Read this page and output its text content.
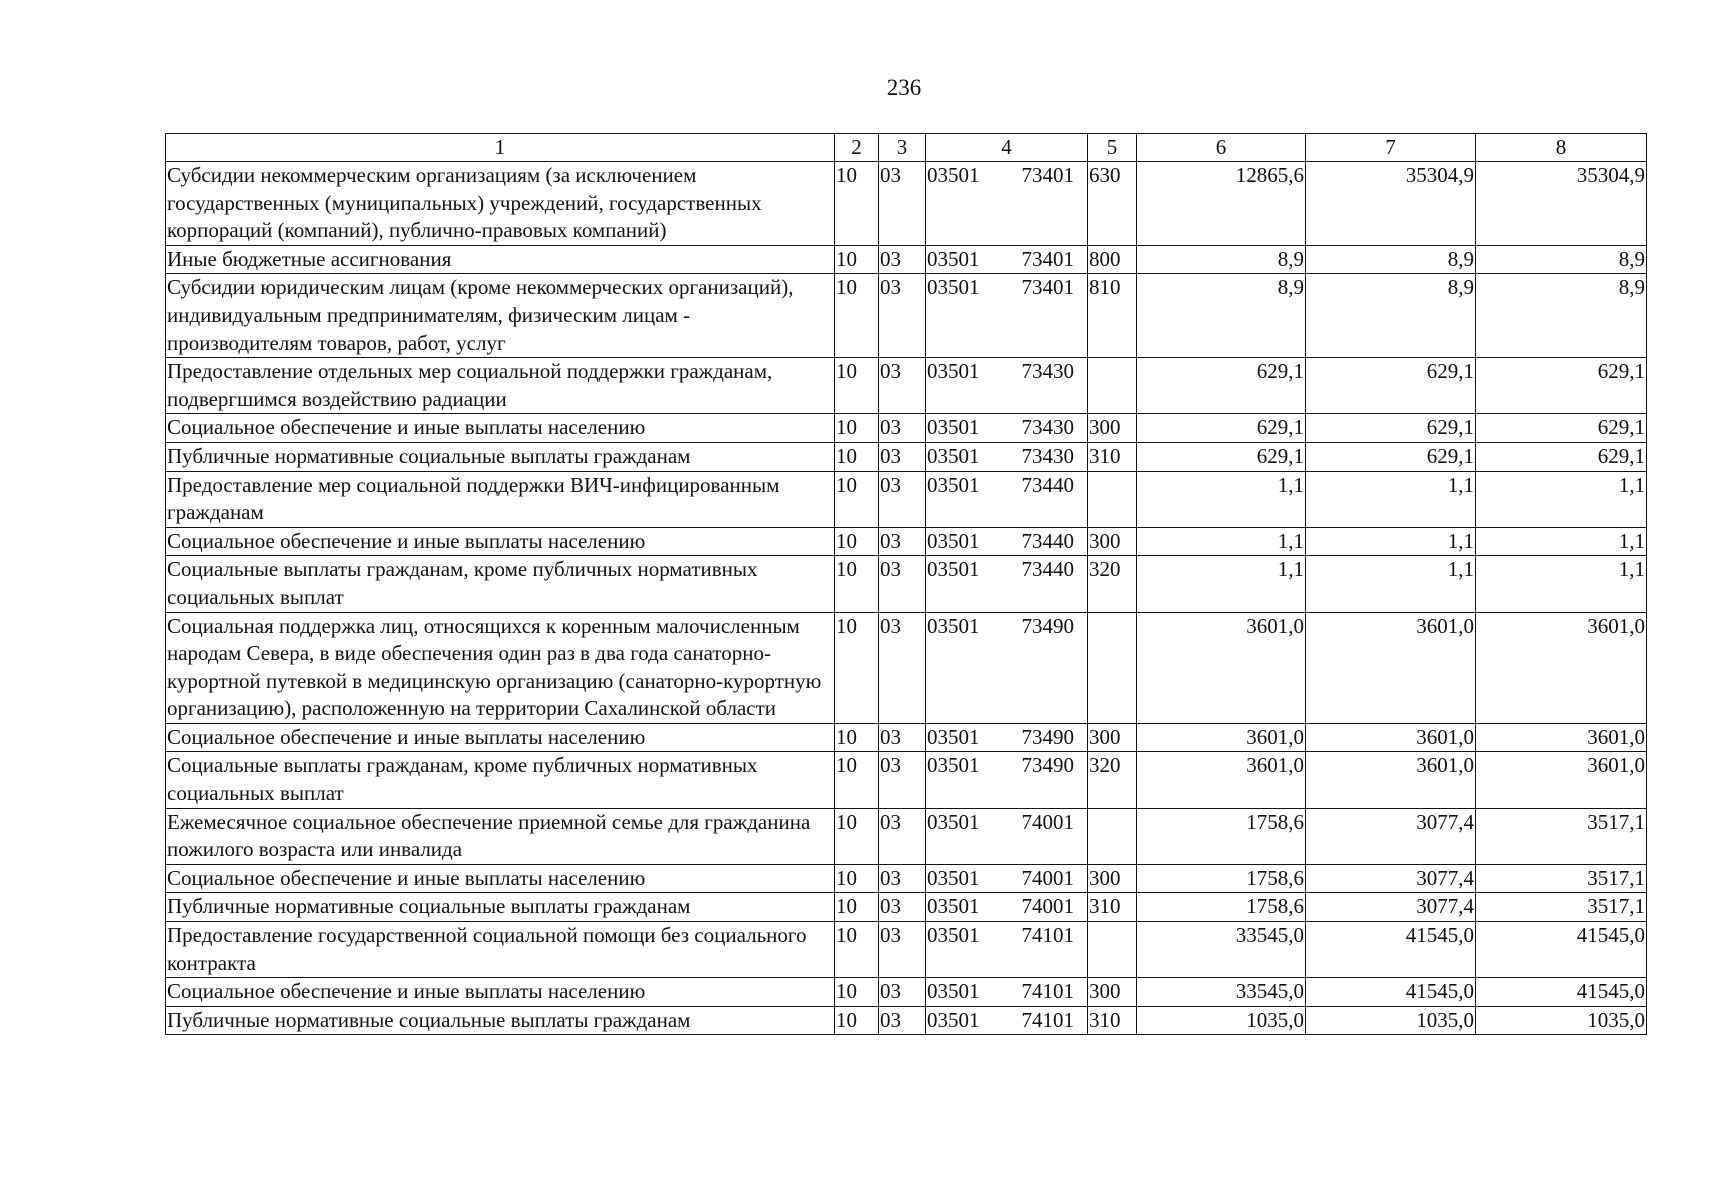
236
1	2	3	4	5	6	7	8
Субсидии некоммерческим организациям (за исключением государственных (муниципальных) учреждений, государственных корпораций (компаний), публично-правовых компаний)	10	03	03501 73401	630	12865,6	35304,9	35304,9
Иные бюджетные ассигнования	10	03	03501 73401	800	8,9	8,9	8,9
Субсидии юридическим лицам (кроме некоммерческих организаций), индивидуальным предпринимателям, физическим лицам - производителям товаров, работ, услуг	10	03	03501 73401	810	8,9	8,9	8,9
Предоставление отдельных мер социальной поддержки гражданам, подвергшимся воздействию радиации	10	03	03501 73430		629,1	629,1	629,1
Социальное обеспечение и иные выплаты населению	10	03	03501 73430	300	629,1	629,1	629,1
Публичные нормативные социальные выплаты гражданам	10	03	03501 73430	310	629,1	629,1	629,1
Предоставление мер социальной поддержки ВИЧ-инфицированным гражданам	10	03	03501 73440		1,1	1,1	1,1
Социальное обеспечение и иные выплаты населению	10	03	03501 73440	300	1,1	1,1	1,1
Социальные выплаты гражданам, кроме публичных нормативных социальных выплат	10	03	03501 73440	320	1,1	1,1	1,1
Социальная поддержка лиц, относящихся к коренным малочисленным народам Севера, в виде обеспечения один раз в два года санаторно-курортной путевкой в медицинскую организацию (санаторно-курортную организацию), расположенную на территории Сахалинской области	10	03	03501 73490		3601,0	3601,0	3601,0
Социальное обеспечение и иные выплаты населению	10	03	03501 73490	300	3601,0	3601,0	3601,0
Социальные выплаты гражданам, кроме публичных нормативных социальных выплат	10	03	03501 73490	320	3601,0	3601,0	3601,0
Ежемесячное социальное обеспечение приемной семье для гражданина пожилого возраста или инвалида	10	03	03501 74001		1758,6	3077,4	3517,1
Социальное обеспечение и иные выплаты населению	10	03	03501 74001	300	1758,6	3077,4	3517,1
Публичные нормативные социальные выплаты гражданам	10	03	03501 74001	310	1758,6	3077,4	3517,1
Предоставление государственной социальной помощи без социального контракта	10	03	03501 74101		33545,0	41545,0	41545,0
Социальное обеспечение и иные выплаты населению	10	03	03501 74101	300	33545,0	41545,0	41545,0
Публичные нормативные социальные выплаты гражданам	10	03	03501 74101	310	1035,0	1035,0	1035,0
